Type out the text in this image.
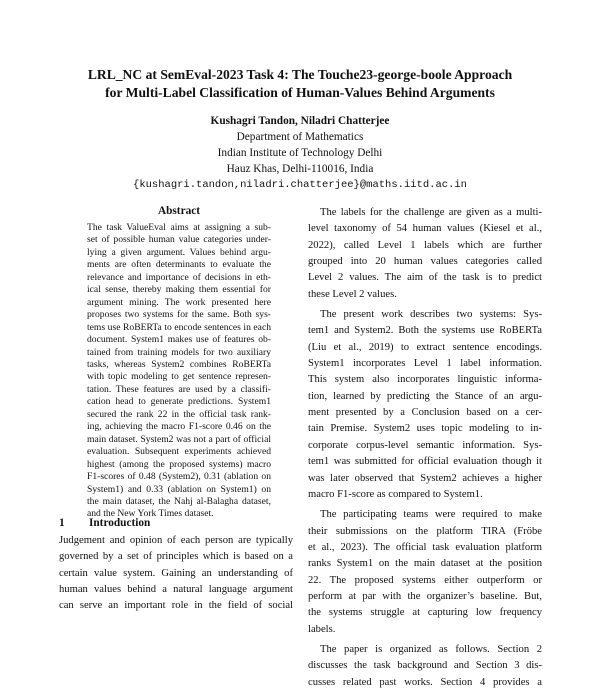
LRL_NC at SemEval-2023 Task 4: The Touche23-george-boole Approach
for Multi-Label Classification of Human-Values Behind Arguments
Kushagri Tandon, Niladri Chatterjee
Department of Mathematics
Indian Institute of Technology Delhi
Hauz Khas, Delhi-110016, India
{kushagri.tandon,niladri.chatterjee}@maths.iitd.ac.in
Abstract
The task ValueEval aims at assigning a sub-
set of possible human value categories under-
lying a given argument. Values behind argu-
ments are often determinants to evaluate the
relevance and importance of decisions in eth-
ical sense, thereby making them essential for
argument mining. The work presented here
proposes two systems for the same. Both sys-
tems use RoBERTa to encode sentences in each
document. System1 makes use of features ob-
tained from training models for two auxiliary
tasks, whereas System2 combines RoBERTa
with topic modeling to get sentence represen-
tation. These features are used by a classifi-
cation head to generate predictions. System1
secured the rank 22 in the official task rank-
ing, achieving the macro F1-score 0.46 on the
main dataset. System2 was not a part of official
evaluation. Subsequent experiments achieved
highest (among the proposed systems) macro
F1-scores of 0.48 (System2), 0.31 (ablation on
System1) and 0.33 (ablation on System1) on
the main dataset, the Nahj al-Balagha dataset,
and the New York Times dataset.
1 Introduction
Judgement and opinion of each person are typically
governed by a set of principles which is based on a
certain value system. Gaining an understanding of
human values behind a natural language argument
can serve an important role in the field of social
The labels for the challenge are given as a multi-
level taxonomy of 54 human values (Kiesel et al.,
2022), called Level 1 labels which are further
grouped into 20 human values categories called
Level 2 values. The aim of the task is to predict
these Level 2 values.
The present work describes two systems: Sys-
tem1 and System2. Both the systems use RoBERTa
(Liu et al., 2019) to extract sentence encodings.
System1 incorporates Level 1 label information.
This system also incorporates linguistic informa-
tion, learned by predicting the Stance of an argu-
ment presented by a Conclusion based on a cer-
tain Premise. System2 uses topic modeling to in-
corporate corpus-level semantic information. Sys-
tem1 was submitted for official evaluation though it
was later observed that System2 achieves a higher
macro F1-score as compared to System1.
The participating teams were required to make
their submissions on the platform TIRA (Fröbe
et al., 2023). The official task evaluation platform
ranks System1 on the main dataset at the position
22. The proposed systems either outperform or
perform at par with the organizer’s baseline. But,
the systems struggle at capturing low frequency
labels.
The paper is organized as follows. Section 2
discusses the task background and Section 3 dis-
cusses related past works. Section 4 provides a
